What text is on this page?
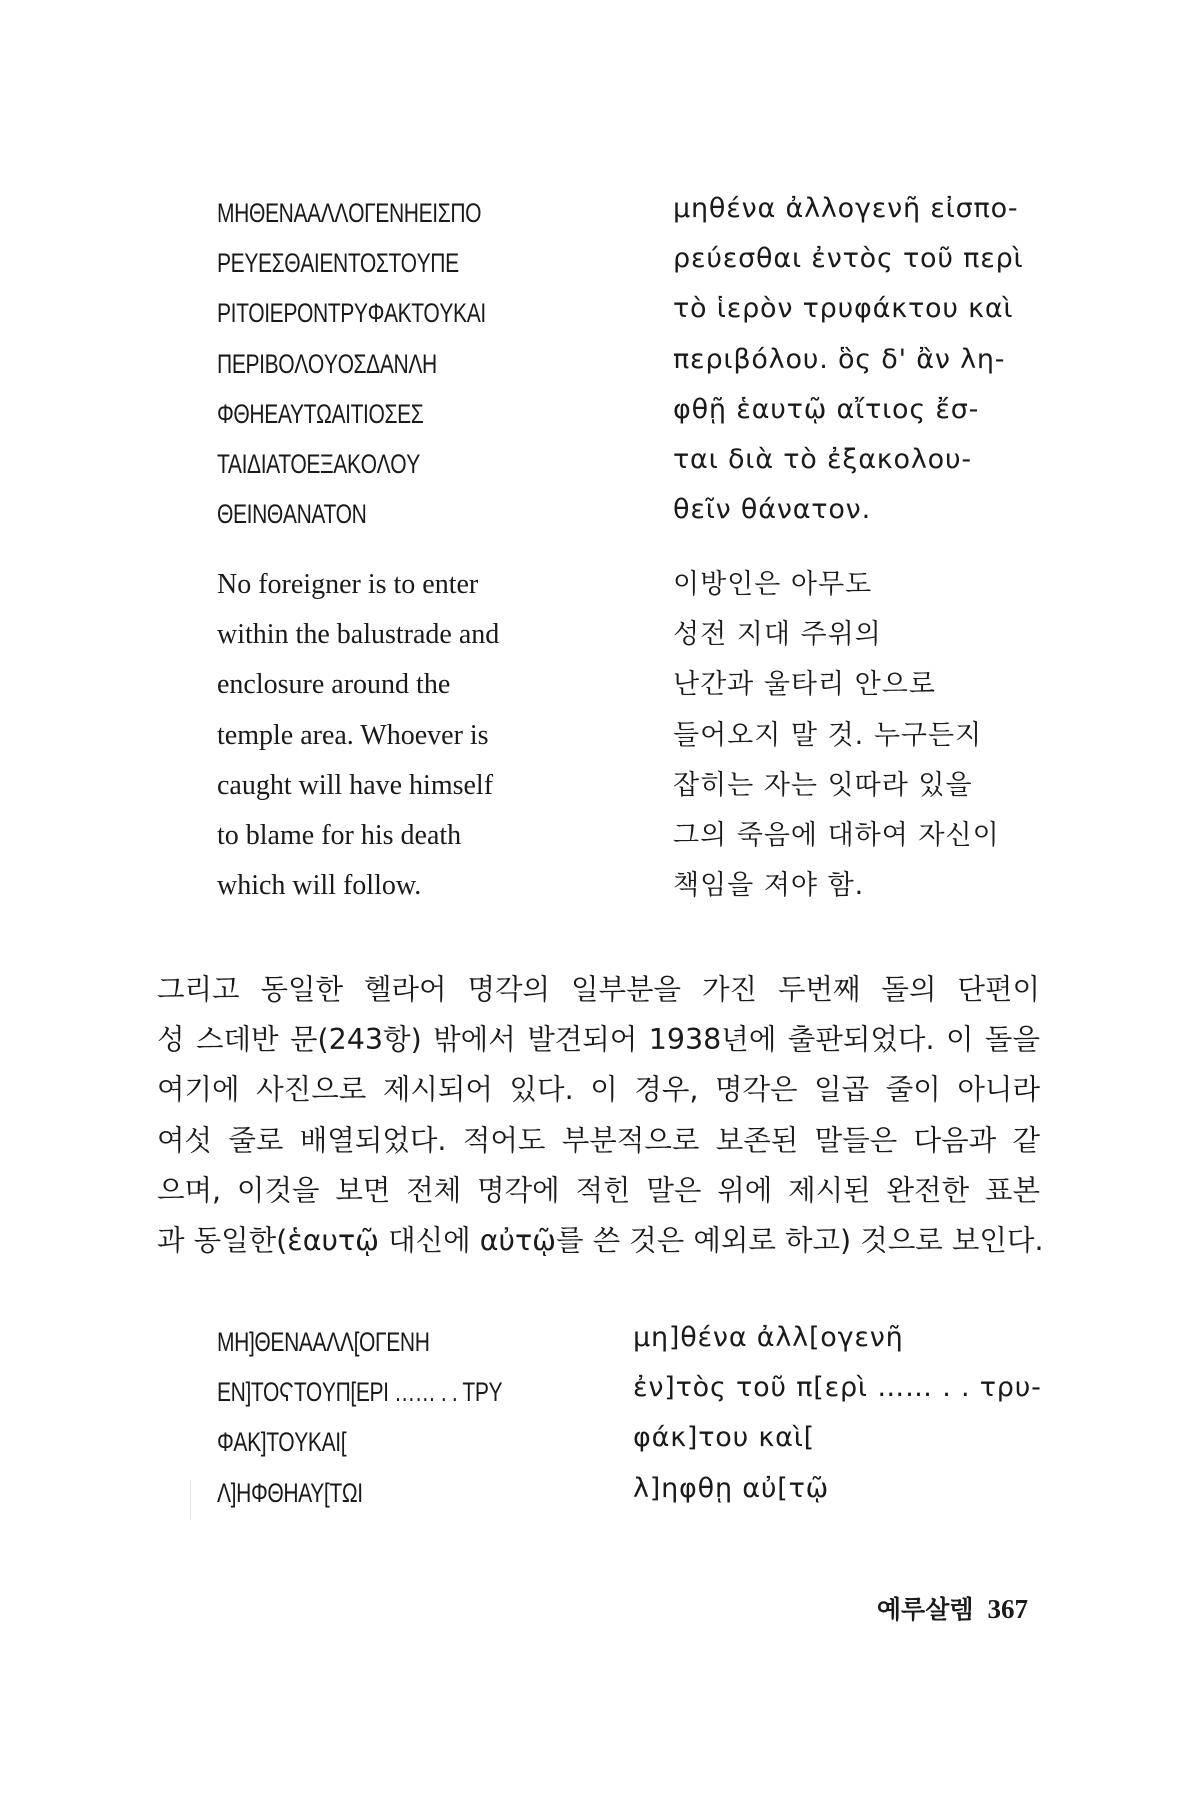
MHΘENAAΛΛOΓENHEIΣΠO
PEYEΣΘAIENTOΣTOYΠE
PITOIEPONTPYΦAKTOYKAI
ΠEPIBOΛOYOΣΔANΛH
ΦΘHEAYTΩAITIOΣEΣ
TAIΔIATOEΞAKOΛOY
ΘEINΘANATON
μηθένα ἀλλογενῆ εἰσπο-
ρεύεσθαι ἐντὸς τοῦ περὶ
τὸ ἱερὸν τρυφάκτου καὶ
περιβόλου. ὃς δ' ἂν λη-
φθῇ ἑαυτῷ αἴτιος ἔσ-
ται διὰ τὸ ἐξακολου-
θεῖν θάνατον.
No foreigner is to enter
within the balustrade and
enclosure around the
temple area. Whoever is
caught will have himself
to blame for his death
which will follow.
이방인은 아무도
성전 지대 주위의
난간과 울타리 안으로
들어오지 말 것. 누구든지
잡히는 자는 잇따라 있을
그의 죽음에 대하여 자신이
책임을 져야 함.
그리고 동일한 헬라어 명각의 일부분을 가진 두번째 돌의 단편이
성 스데반 문(243항) 밖에서 발견되어 1938년에 출판되었다. 이 돌을
여기에 사진으로 제시되어 있다. 이 경우, 명각은 일곱 줄이 아니라
여섯 줄로 배열되었다. 적어도 부분적으로 보존된 말들은 다음과 같
으며, 이것을 보면 전체 명각에 적힌 말은 위에 제시된 완전한 표본
과 동일한(ἑαυτῷ 대신에 αὐτῷ를 쓴 것은 예외로 하고) 것으로 보인다.
MH]ΘENAAΛΛ[OΓENH
EN]TOϚTOYΠ[EPI …… . . TPY
ΦAK]TOYKAI[
Λ]HΦΘHAY[TΩI
μη]θένα ἀλλ[ογενῆ
ἐν]τὸς τοῦ π[ερὶ …… . . τρυ-
φάκ]του καὶ[
λ]ηφθῃ αὐ[τῷ
예루살렘 367
